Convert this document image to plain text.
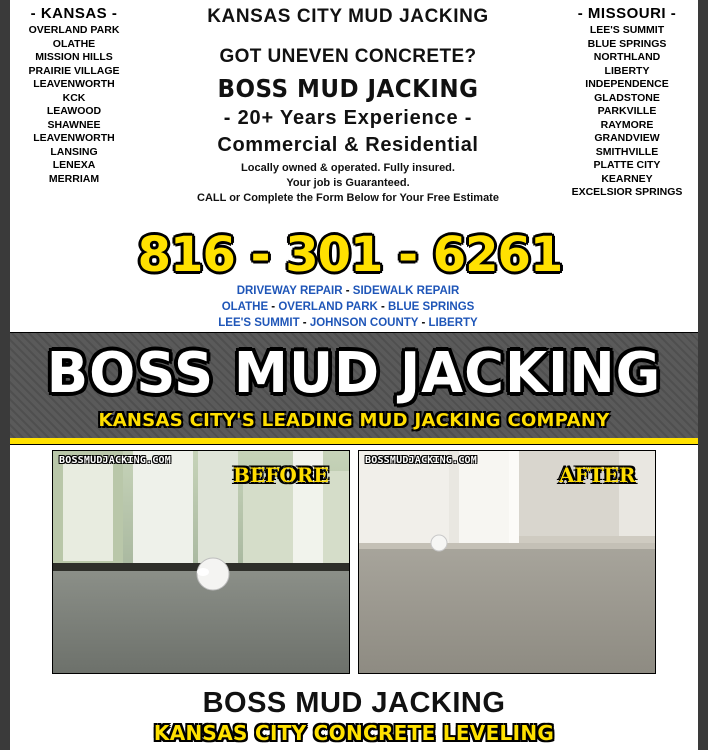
- KANSAS -
OVERLAND PARK
OLATHE
MISSION HILLS
PRAIRIE VILLAGE
LEAVENWORTH
KCK
LEAWOOD
SHAWNEE
LEAVENWORTH
LANSING
LENEXA
MERRIAM
KANSAS CITY MUD JACKING
GOT UNEVEN CONCRETE?
BOSS MUD JACKING
- 20+ Years Experience -
Commercial & Residential
Locally owned & operated. Fully insured.
Your job is Guaranteed.
CALL or Complete the Form Below for Your Free Estimate
- MISSOURI -
LEE'S SUMMIT
BLUE SPRINGS
NORTHLAND
LIBERTY
INDEPENDENCE
GLADSTONE
PARKVILLE
RAYMORE
GRANDVIEW
SMITHVILLE
PLATTE CITY
KEARNEY
EXCELSIOR SPRINGS
816 - 301 - 6261
DRIVEWAY REPAIR - SIDEWALK REPAIR
OLATHE - OVERLAND PARK - BLUE SPRINGS
LEE'S SUMMIT - JOHNSON COUNTY - LIBERTY
BOSS MUD JACKING
KANSAS CITY'S LEADING MUD JACKING COMPANY
BOSSMUDJACKING.COM
BEFORE
BOSSMUDJACKING.COM
AFTER
BOSS MUD JACKING
KANSAS CITY CONCRETE LEVELING
